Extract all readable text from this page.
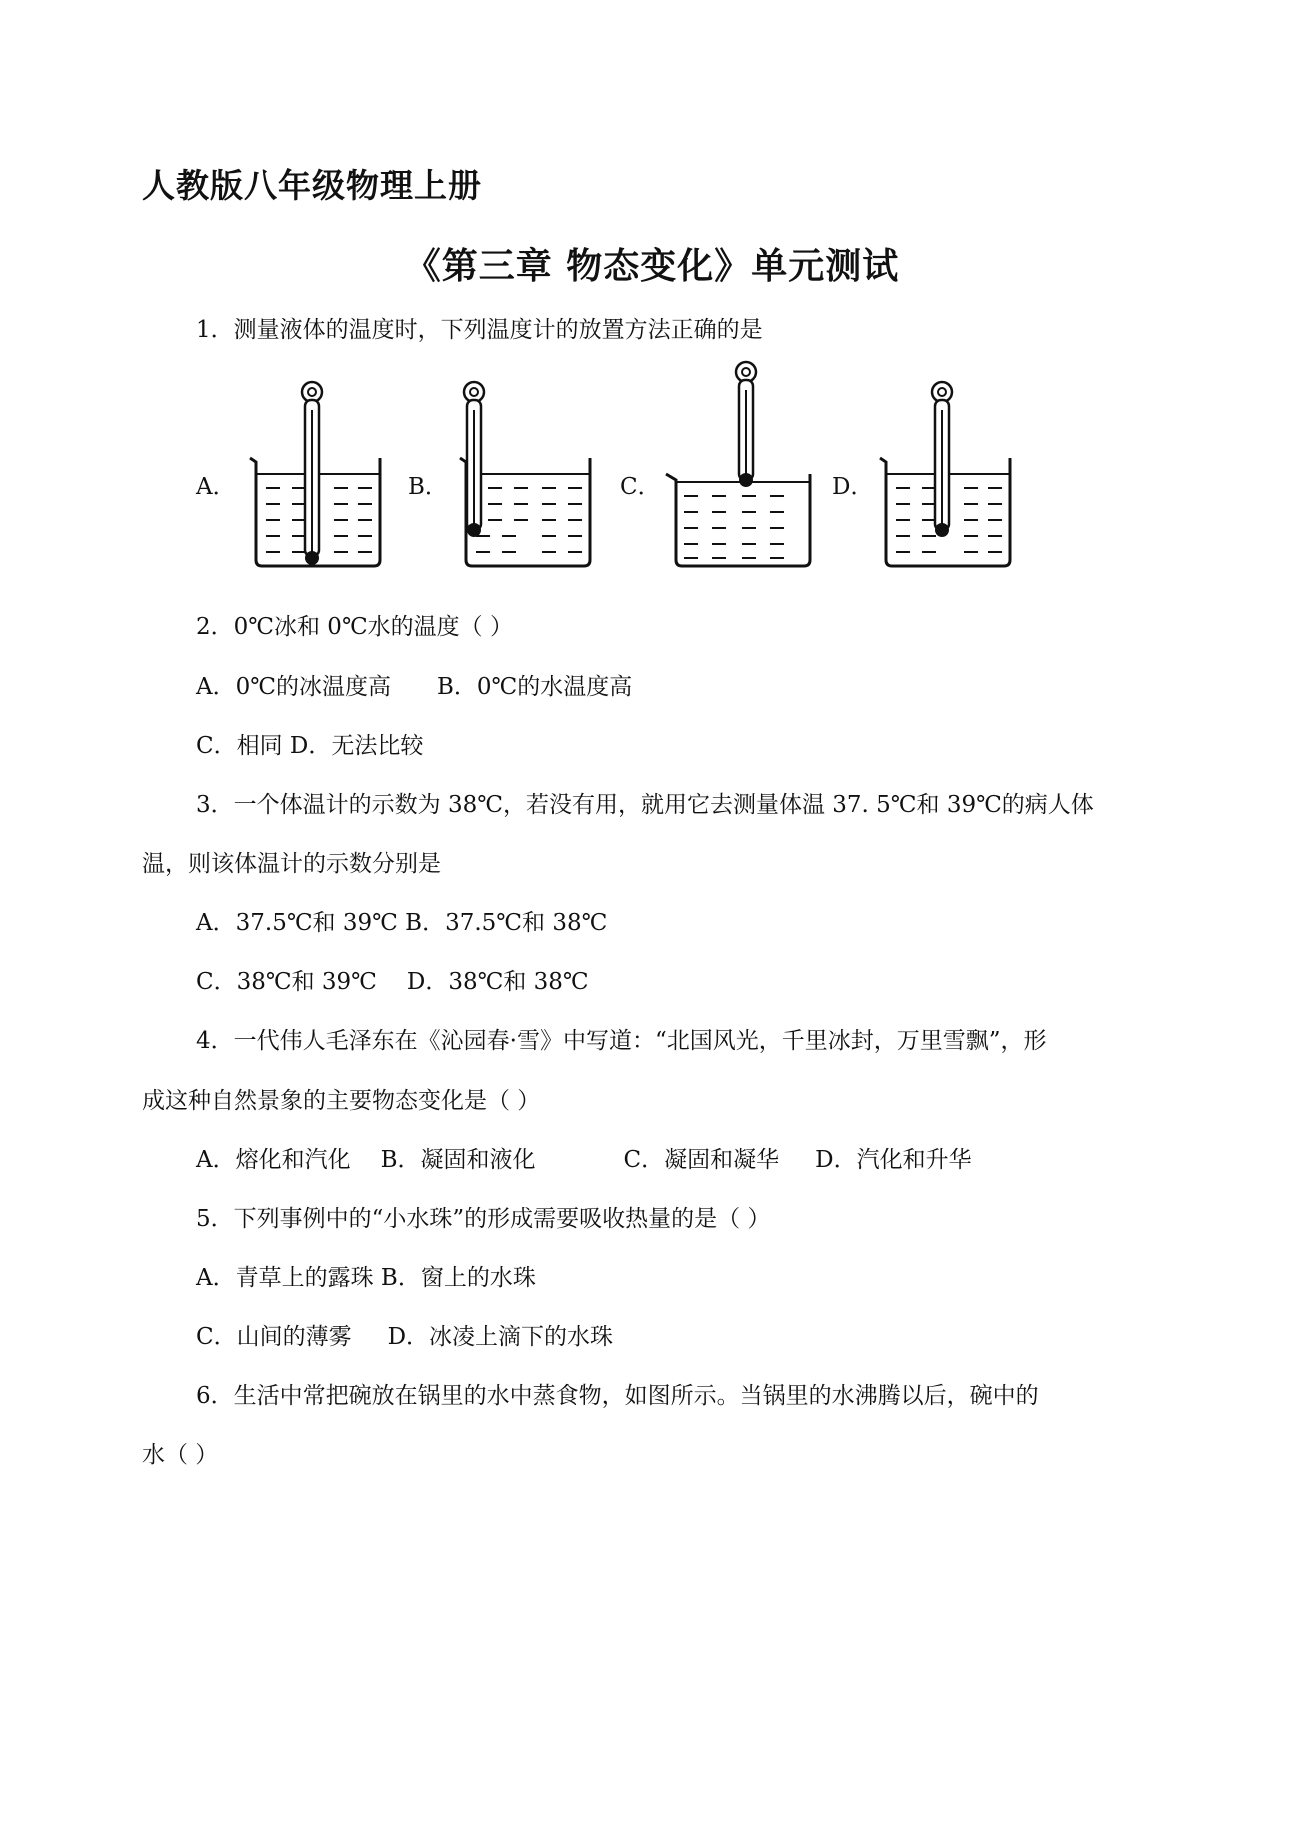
人教版八年级物理上册
《第三章 物态变化》单元测试
1．测量液体的温度时，下列温度计的放置方法正确的是
A．	B．	C．	D．
2．0℃冰和 0℃水的温度（ ）
A．0℃的冰温度高 B．0℃的水温度高
C．相同 D．无法比较
3．一个体温计的示数为 38℃，若没有用，就用它去测量体温 37. 5℃和 39℃的病人体
温，则该体温计的示数分别是
A．37.5℃和 39℃ B．37.5℃和 38℃
C．38℃和 39℃ D．38℃和 38℃
4．一代伟人毛泽东在《沁园春·雪》中写道：“北国风光，千里冰封，万里雪飘”，形
成这种自然景象的主要物态变化是（ ）
A．熔化和汽化 B．凝固和液化	C．凝固和凝华 D．汽化和升华
5．下列事例中的“小水珠”的形成需要吸收热量的是（ ）
A．青草上的露珠 B．窗上的水珠
C．山间的薄雾 D．冰凌上滴下的水珠
6．生活中常把碗放在锅里的水中蒸食物，如图所示。当锅里的水沸腾以后，碗中的
水（ ）
